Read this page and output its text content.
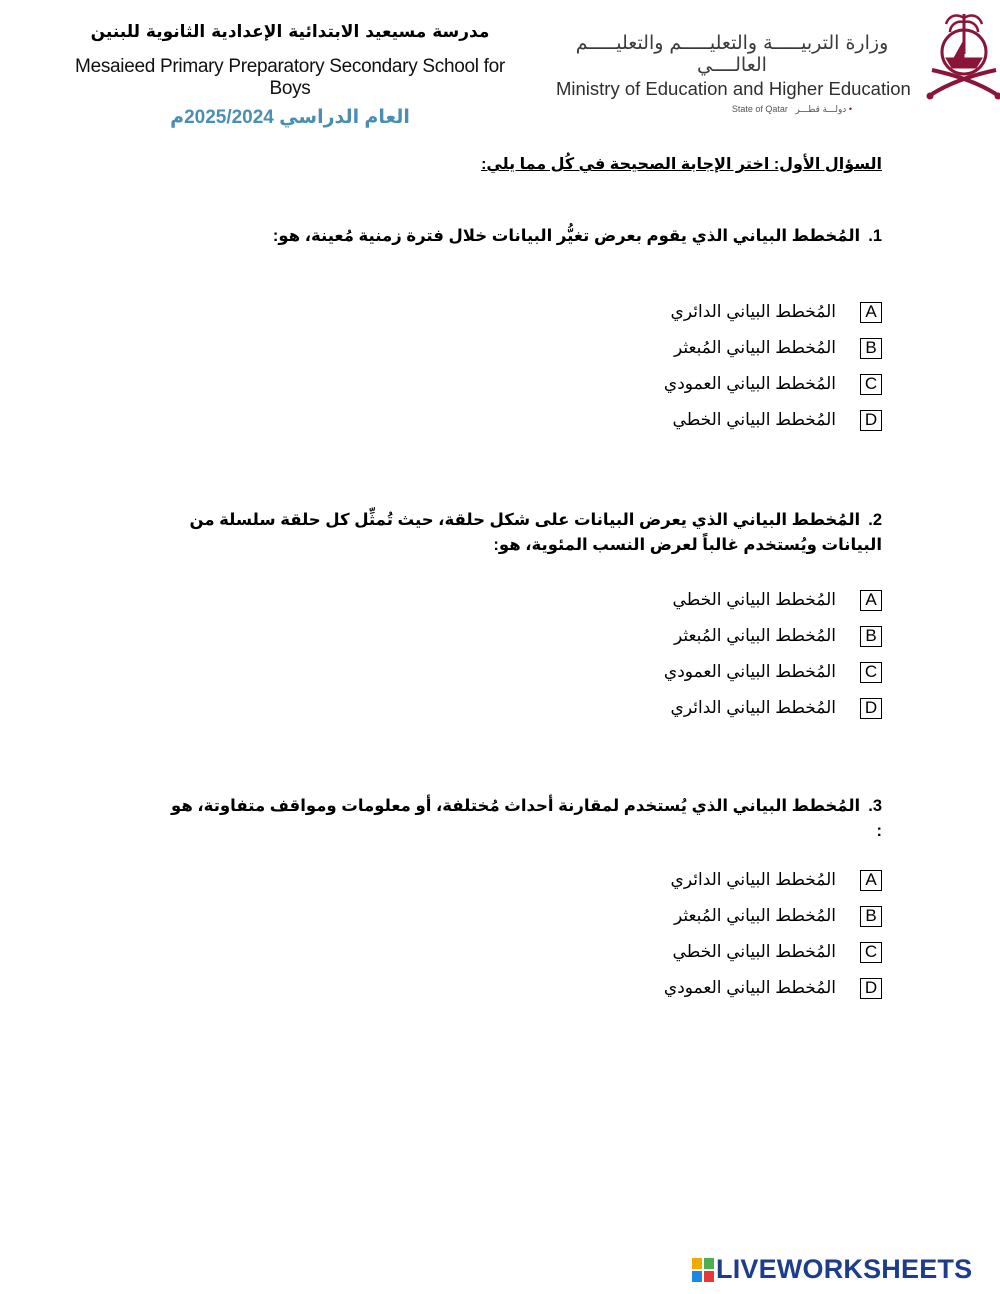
مدرسة مسيعيد الابتدائية الإعدادية الثانوية للبنين
Mesaieed Primary Preparatory Secondary School for Boys
العام الدراسي 2025/2024م
وزارة التربيـــــة والتعليـــــم والتعليـــــم العالــــي
Ministry of Education and Higher Education
State of Qatar دولـــة قطـــر •
السؤال الأول: اختر الإجابة الصحيحة في كُل مما يلي:
1.المُخطط البياني الذي يقوم بعرض تغيُّر البيانات خلال فترة زمنية مُعينة، هو:
A
المُخطط البياني الدائري
B
المُخطط البياني المُبعثر
C
المُخطط البياني العمودي
D
المُخطط البياني الخطي
2.المُخطط البياني الذي يعرض البيانات على شكل حلقة، حيث تُمثِّل كل حلقة سلسلة من البيانات ويُستخدم غالباً لعرض النسب المئوية، هو:
A
المُخطط البياني الخطي
B
المُخطط البياني المُبعثر
C
المُخطط البياني العمودي
D
المُخطط البياني الدائري
3.المُخطط البياني الذي يُستخدم لمقارنة أحداث مُختلفة، أو معلومات ومواقف متفاوتة، هو :
A
المُخطط البياني الدائري
B
المُخطط البياني المُبعثر
C
المُخطط البياني الخطي
D
المُخطط البياني العمودي
LIVEWORKSHEETS
